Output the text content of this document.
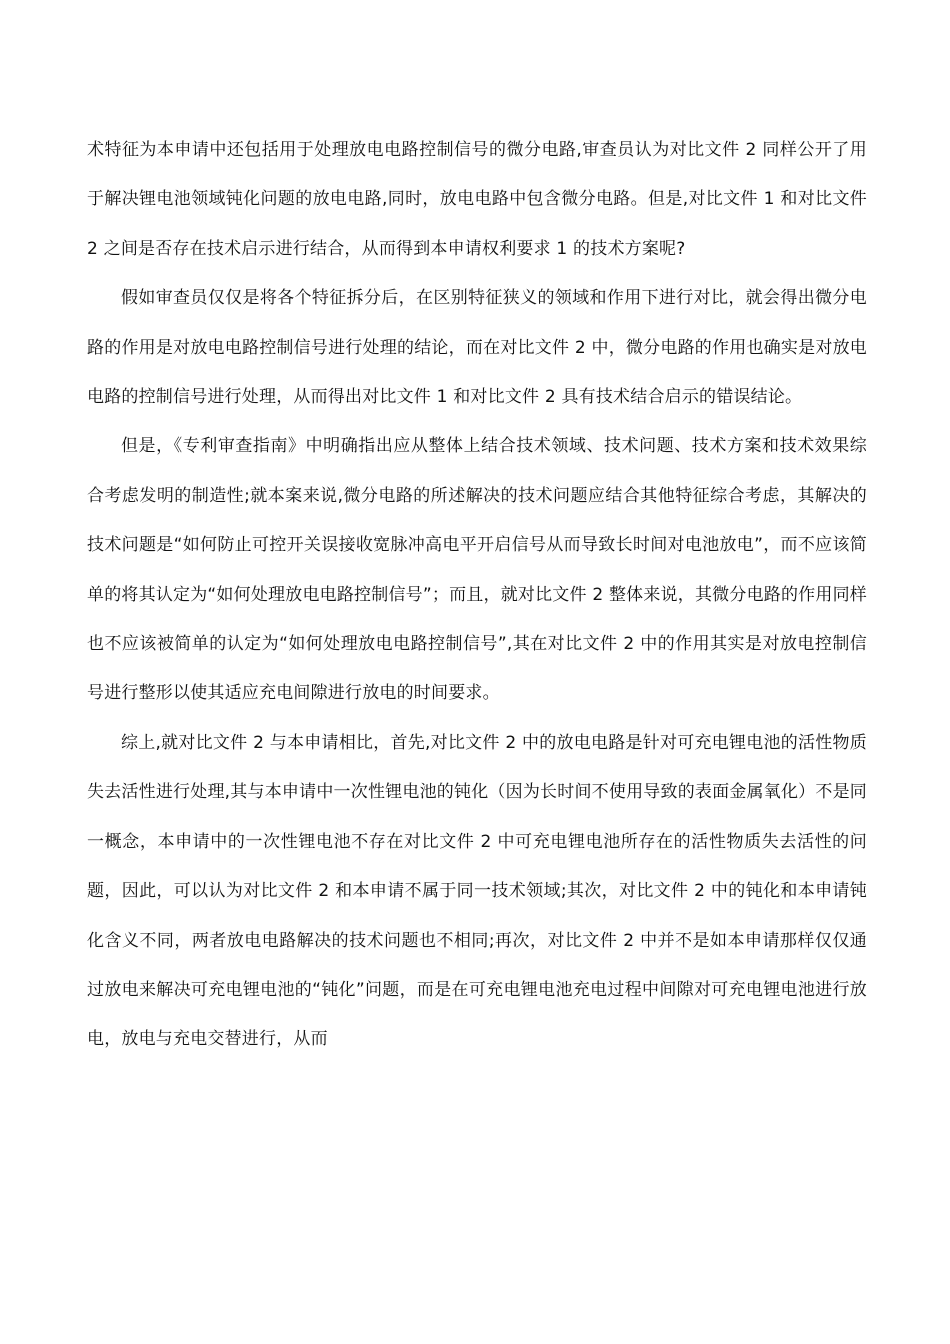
术特征为本申请中还包括用于处理放电电路控制信号的微分电路,审查员认为对比文件 2 同样公开了用于解决锂电池领域钝化问题的放电电路,同时，放电电路中包含微分电路。但是,对比文件 1 和对比文件 2 之间是否存在技术启示进行结合，从而得到本申请权利要求 1 的技术方案呢?

假如审查员仅仅是将各个特征拆分后，在区别特征狭义的领域和作用下进行对比，就会得出微分电路的作用是对放电电路控制信号进行处理的结论，而在对比文件 2 中，微分电路的作用也确实是对放电电路的控制信号进行处理，从而得出对比文件 1 和对比文件 2 具有技术结合启示的错误结论。

但是，《专利审查指南》中明确指出应从整体上结合技术领域、技术问题、技术方案和技术效果综合考虑发明的制造性;就本案来说,微分电路的所述解决的技术问题应结合其他特征综合考虑，其解决的技术问题是“如何防止可控开关误接收宽脉冲高电平开启信号从而导致长时间对电池放电”，而不应该简单的将其认定为“如何处理放电电路控制信号”；而且，就对比文件 2 整体来说，其微分电路的作用同样也不应该被简单的认定为“如何处理放电电路控制信号”,其在对比文件 2 中的作用其实是对放电控制信号进行整形以使其适应充电间隙进行放电的时间要求。

综上,就对比文件 2 与本申请相比，首先,对比文件 2 中的放电电路是针对可充电锂电池的活性物质失去活性进行处理,其与本申请中一次性锂电池的钝化（因为长时间不使用导致的表面金属氧化）不是同一概念，本申请中的一次性锂电池不存在对比文件 2 中可充电锂电池所存在的活性物质失去活性的问题，因此，可以认为对比文件 2 和本申请不属于同一技术领域;其次，对比文件 2 中的钝化和本申请钝化含义不同，两者放电电路解决的技术问题也不相同;再次，对比文件 2 中并不是如本申请那样仅仅通过放电来解决可充电锂电池的“钝化”问题，而是在可充电锂电池充电过程中间隙对可充电锂电池进行放电，放电与充电交替进行，从而
